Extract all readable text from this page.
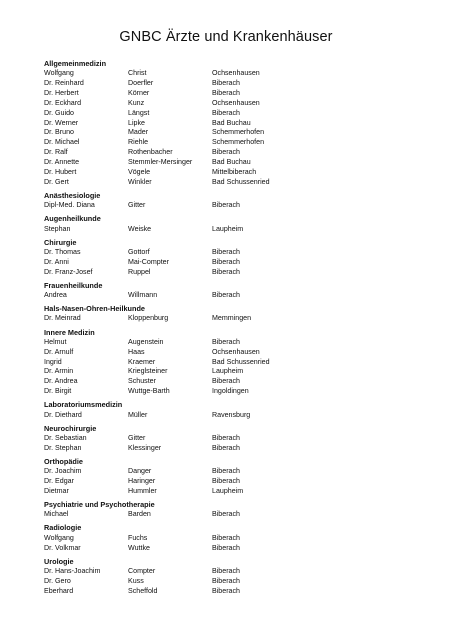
GNBC Ärzte und Krankenhäuser
Allgemeinmedizin
Wolfgang	Christ	Ochsenhausen
Dr. Reinhard	Doerfler	Biberach
Dr. Herbert	Körner	Biberach
Dr. Eckhard	Kunz	Ochsenhausen
Dr. Guido	Längst	Biberach
Dr. Werner	Lipke	Bad Buchau
Dr. Bruno	Mader	Schemmerhofen
Dr. Michael	Riehle	Schemmerhofen
Dr. Ralf	Rothenbacher	Biberach
Dr. Annette	Stemmler-Mersinger	Bad Buchau
Dr. Hubert	Vögele	Mittelbiberach
Dr. Gert	Winkler	Bad Schussenried
Anästhesiologie
Dipl-Med. Diana	Gitter	Biberach
Augenheilkunde
Stephan	Weiske	Laupheim
Chirurgie
Dr. Thomas	Gottorf	Biberach
Dr. Anni	Mai-Compter	Biberach
Dr. Franz-Josef	Ruppel	Biberach
Frauenheilkunde
Andrea	Willmann	Biberach
Hals-Nasen-Ohren-Heilkunde
Dr. Meinrad	Kloppenburg	Memmingen
Innere Medizin
Helmut	Augenstein	Biberach
Dr. Arnulf	Haas	Ochsenhausen
Ingrid	Kraemer	Bad Schussenried
Dr. Armin	Krieglsteiner	Laupheim
Dr. Andrea	Schuster	Biberach
Dr. Birgit	Wuttge-Barth	Ingoldingen
Laboratoriumsmedizin
Dr. Diethard	Müller	Ravensburg
Neurochirurgie
Dr. Sebastian	Gitter	Biberach
Dr. Stephan	Klessinger	Biberach
Orthopädie
Dr. Joachim	Danger	Biberach
Dr. Edgar	Haringer	Biberach
Dietmar	Hummler	Laupheim
Psychiatrie und Psychotherapie
Michael	Barden	Biberach
Radiologie
Wolfgang	Fuchs	Biberach
Dr. Volkmar	Wuttke	Biberach
Urologie
Dr. Hans-Joachim	Compter	Biberach
Dr. Gero	Kuss	Biberach
Eberhard	Scheffold	Biberach
